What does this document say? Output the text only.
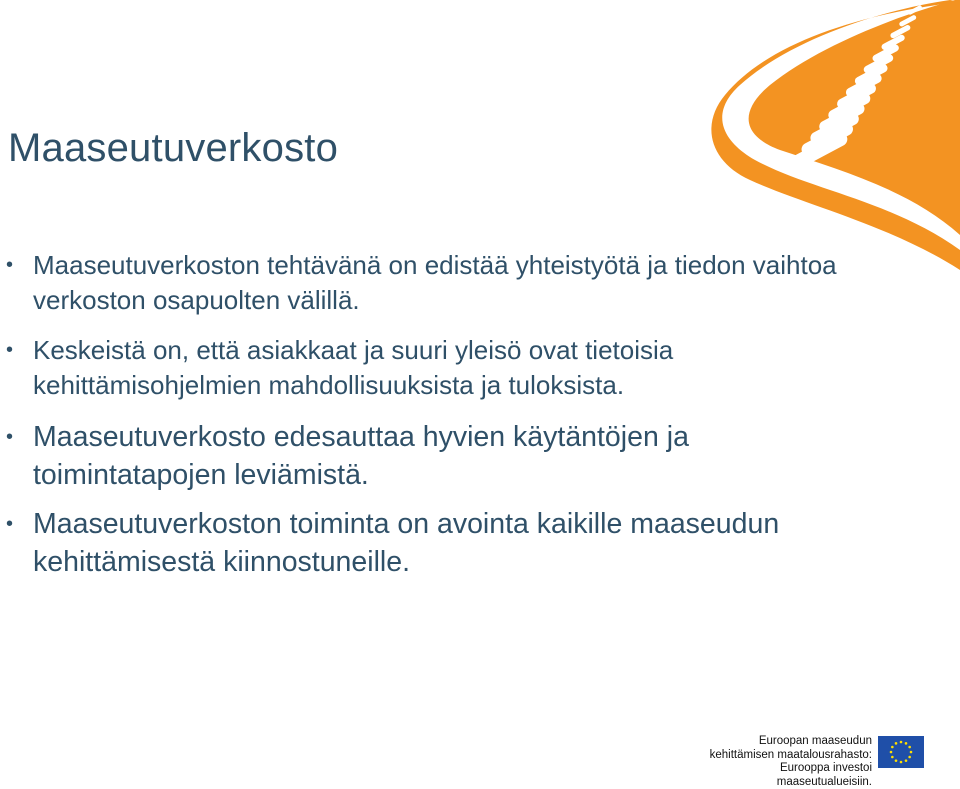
Maaseutuverkosto
• Maaseutuverkoston tehtävänä on edistää yhteistyötä ja tiedon vaihtoa verkoston osapuolten välillä.
• Keskeistä on, että asiakkaat ja suuri yleisö ovat tietoisia kehittämisohjelmien mahdollisuuksista ja tuloksista.
• Maaseutuverkosto edesauttaa hyvien käytäntöjen ja toimintatapojen leviämistä.
• Maaseutuverkoston toiminta on avointa kaikille maaseudun kehittämisestä kiinnostuneille.
Euroopan maaseudun
kehittämisen maatalousrahasto:
Eurooppa investoi maaseutualueisiin.
